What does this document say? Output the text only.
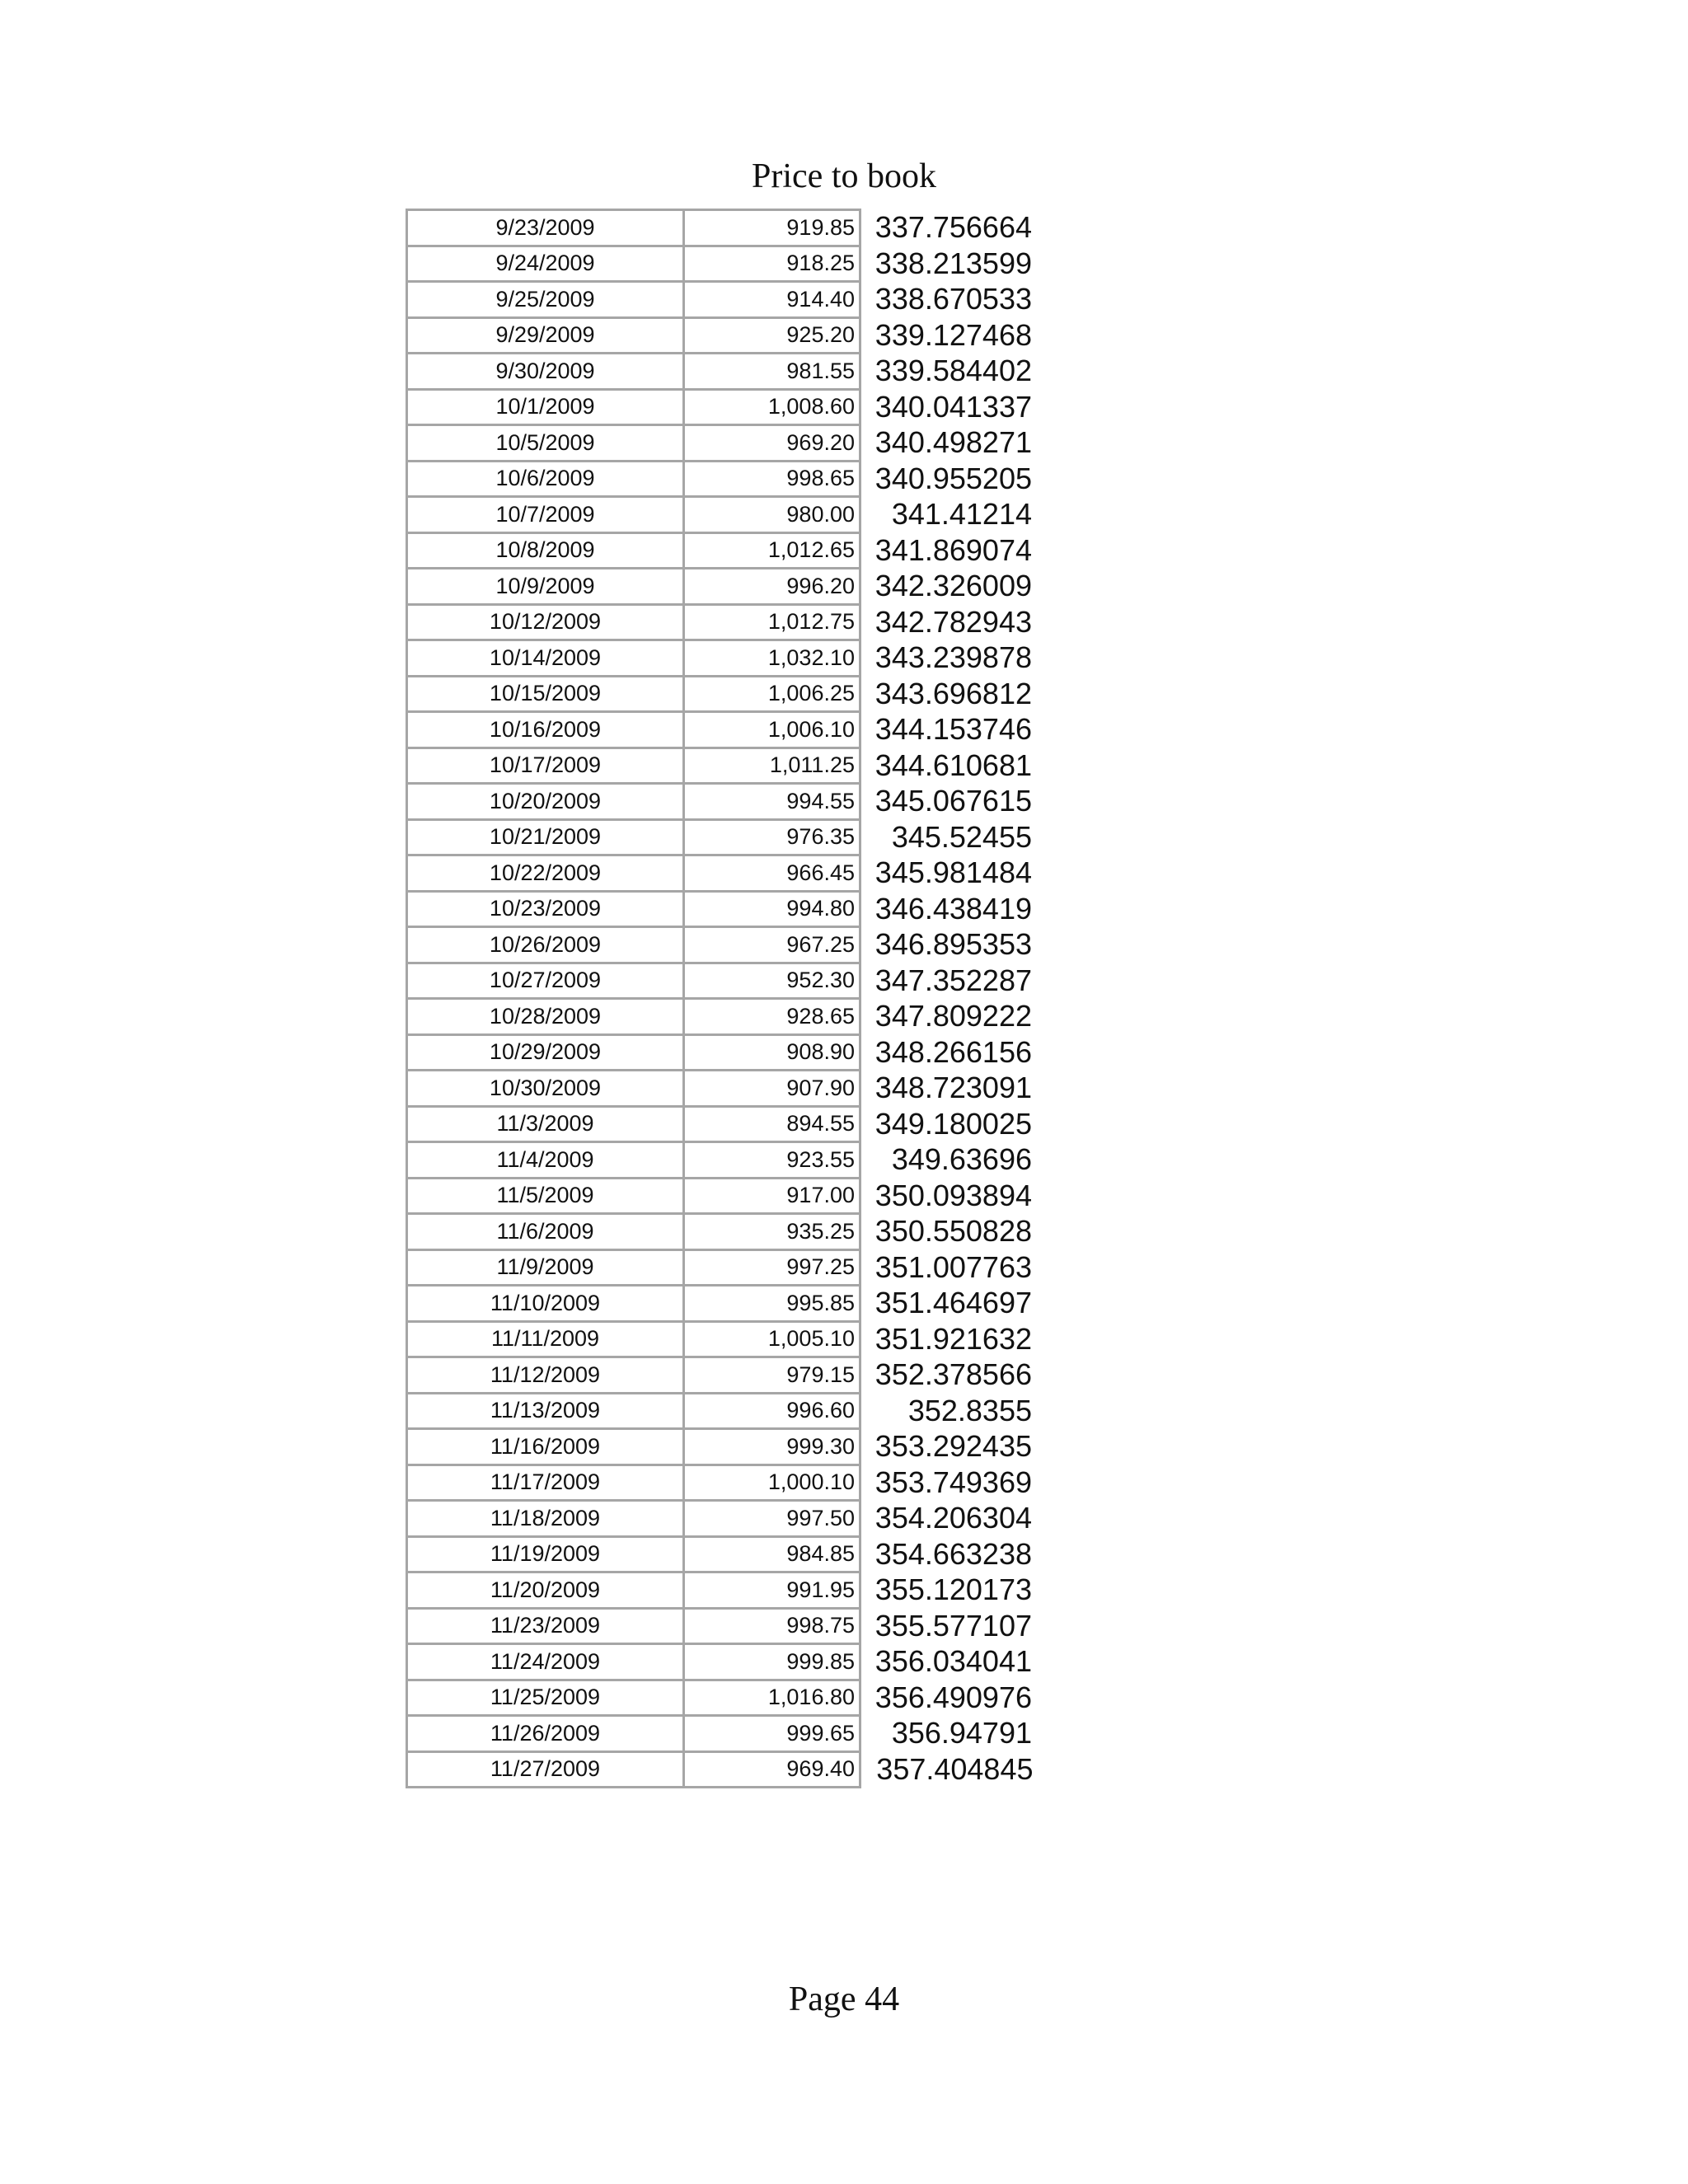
Price to book
9/23/2009	919.85	337.756664
9/24/2009	918.25	338.213599
9/25/2009	914.40	338.670533
9/29/2009	925.20	339.127468
9/30/2009	981.55	339.584402
10/1/2009	1,008.60	340.041337
10/5/2009	969.20	340.498271
10/6/2009	998.65	340.955205
10/7/2009	980.00	341.41214
10/8/2009	1,012.65	341.869074
10/9/2009	996.20	342.326009
10/12/2009	1,012.75	342.782943
10/14/2009	1,032.10	343.239878
10/15/2009	1,006.25	343.696812
10/16/2009	1,006.10	344.153746
10/17/2009	1,011.25	344.610681
10/20/2009	994.55	345.067615
10/21/2009	976.35	345.52455
10/22/2009	966.45	345.981484
10/23/2009	994.80	346.438419
10/26/2009	967.25	346.895353
10/27/2009	952.30	347.352287
10/28/2009	928.65	347.809222
10/29/2009	908.90	348.266156
10/30/2009	907.90	348.723091
11/3/2009	894.55	349.180025
11/4/2009	923.55	349.63696
11/5/2009	917.00	350.093894
11/6/2009	935.25	350.550828
11/9/2009	997.25	351.007763
11/10/2009	995.85	351.464697
11/11/2009	1,005.10	351.921632
11/12/2009	979.15	352.378566
11/13/2009	996.60	352.8355
11/16/2009	999.30	353.292435
11/17/2009	1,000.10	353.749369
11/18/2009	997.50	354.206304
11/19/2009	984.85	354.663238
11/20/2009	991.95	355.120173
11/23/2009	998.75	355.577107
11/24/2009	999.85	356.034041
11/25/2009	1,016.80	356.490976
11/26/2009	999.65	356.94791
11/27/2009	969.40	357.404845
Page 44
